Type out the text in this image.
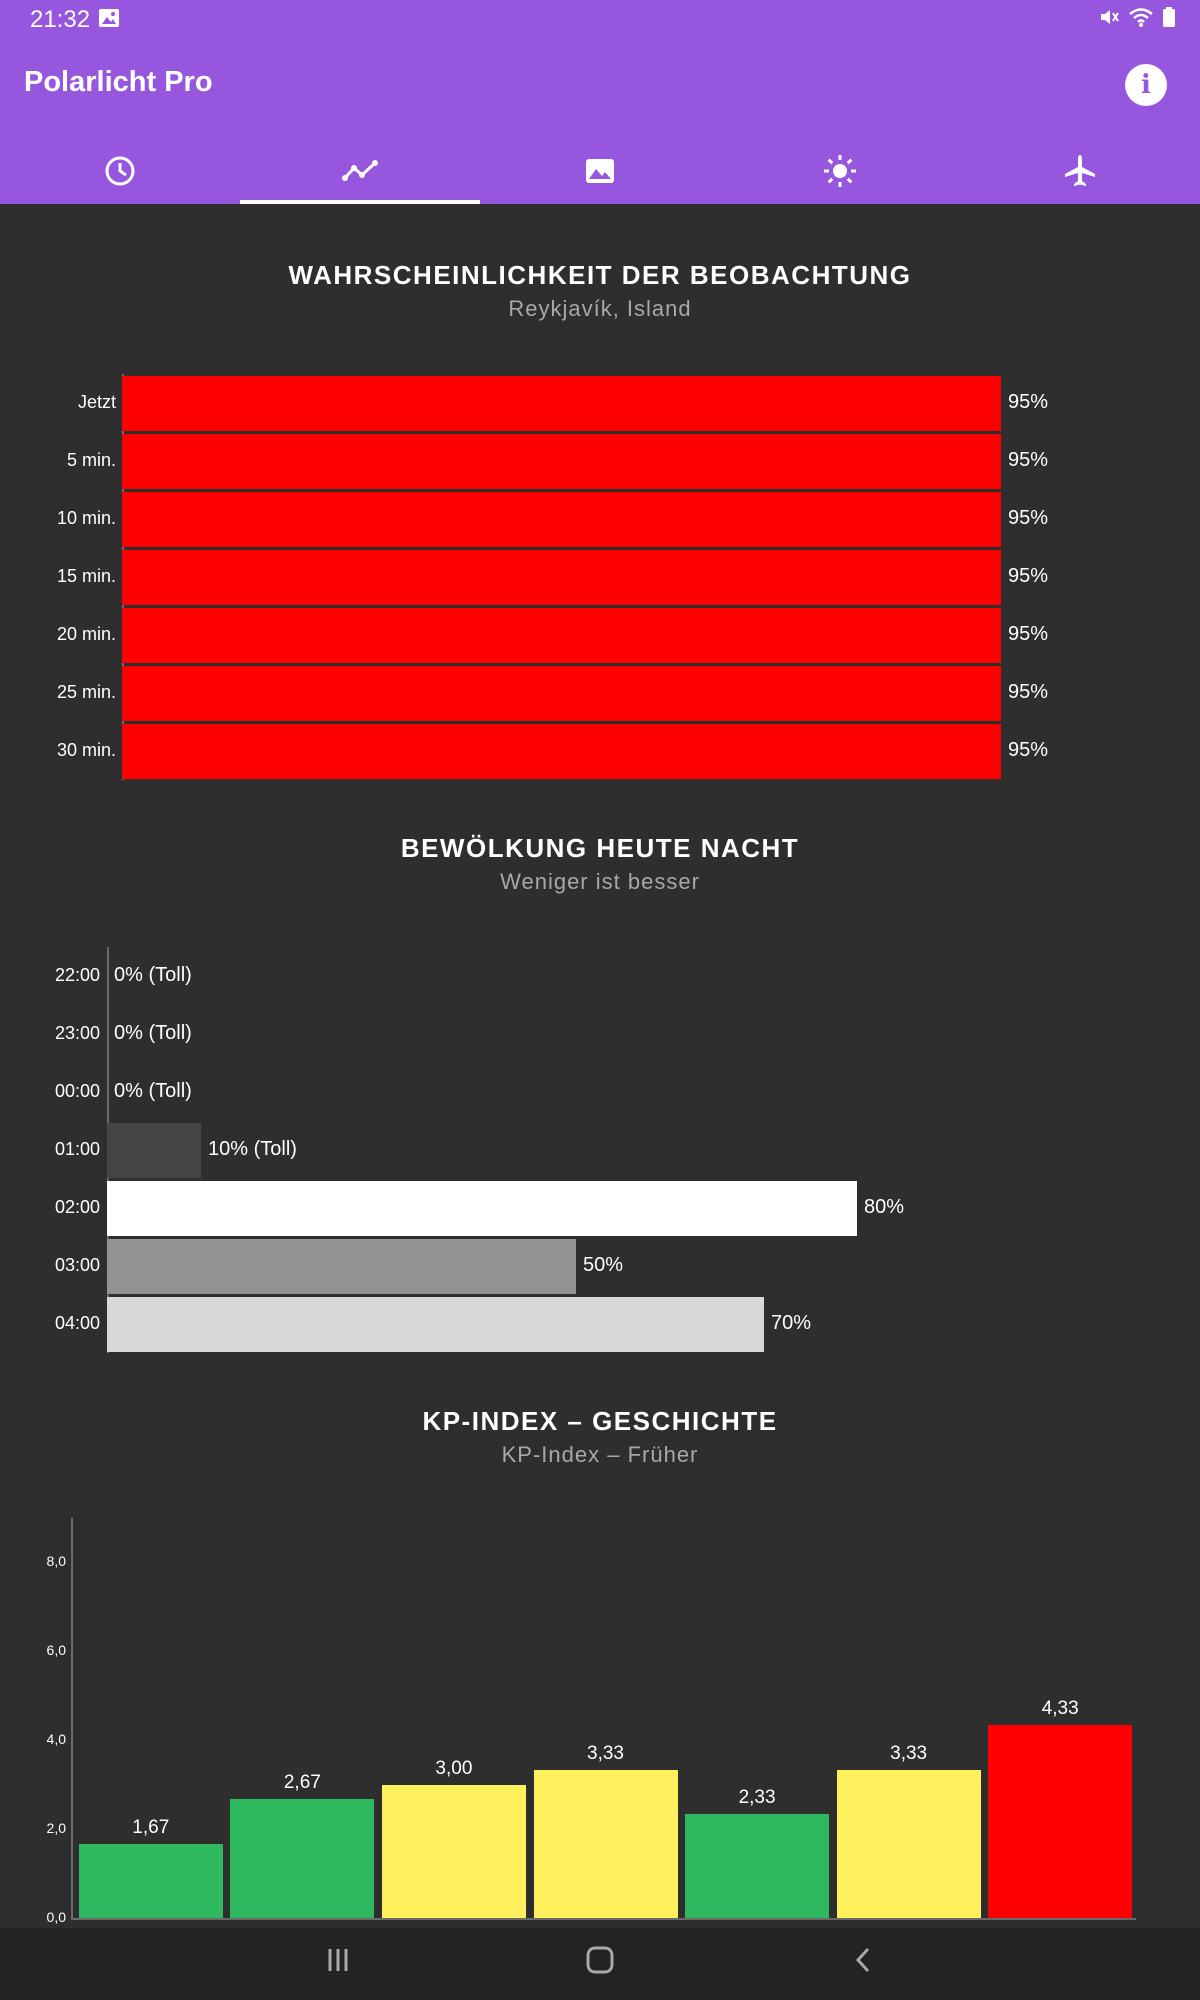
21:32
Polarlicht Pro	i
WAHRSCHEINLICHKEIT DER BEOBACHTUNG
Reykjavík, Island
Jetzt	95%
5 min.	95%
10 min.	95%
15 min.	95%
20 min.	95%
25 min.	95%
30 min.	95%
BEWÖLKUNG HEUTE NACHT
Weniger ist besser
22:00 0% (Toll)
23:00 0% (Toll)
00:00 0% (Toll)
01:00	10% (Toll)
02:00	80%
03:00	50%
04:00	70%
KP-INDEX – GESCHICHTE
KP-Index – Früher
0,0
2,0
4,0
6,0
8,0
1,67
2,67
3,00
3,33
2,33
3,33
4,33
